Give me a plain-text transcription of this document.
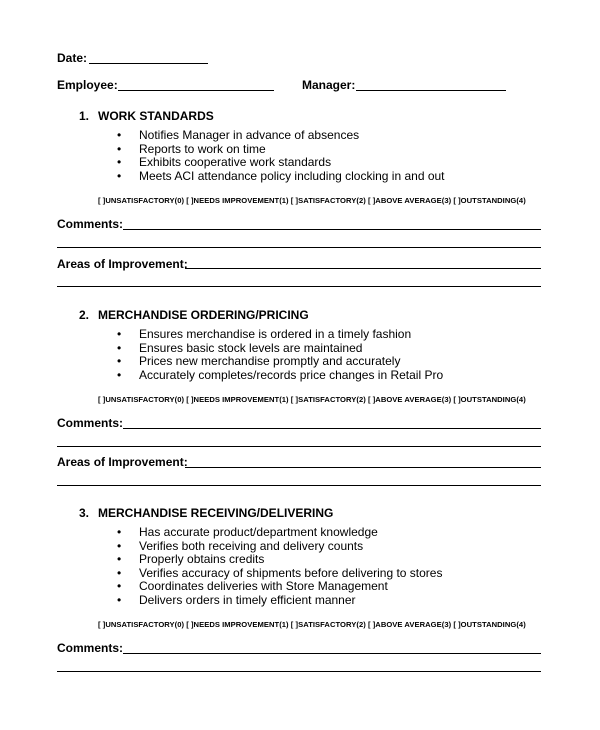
Date:
Employee:	Manager:
1. WORK STANDARDS
• Notifies Manager in advance of absences
• Reports to work on time
• Exhibits cooperative work standards
• Meets ACI attendance policy including clocking in and out
[ ]UNSATISFACTORY(0) [ ]NEEDS IMPROVEMENT(1) [ ]SATISFACTORY(2) [ ]ABOVE AVERAGE(3) [ ]OUTSTANDING(4)
Comments:
Areas of Improvement:
2. MERCHANDISE ORDERING/PRICING
• Ensures merchandise is ordered in a timely fashion
• Ensures basic stock levels are maintained
• Prices new merchandise promptly and accurately
• Accurately completes/records price changes in Retail Pro
[ ]UNSATISFACTORY(0) [ ]NEEDS IMPROVEMENT(1) [ ]SATISFACTORY(2) [ ]ABOVE AVERAGE(3) [ ]OUTSTANDING(4)
Comments:
Areas of Improvement:
3. MERCHANDISE RECEIVING/DELIVERING
• Has accurate product/department knowledge
• Verifies both receiving and delivery counts
• Properly obtains credits
• Verifies accuracy of shipments before delivering to stores
• Coordinates deliveries with Store Management
• Delivers orders in timely efficient manner
[ ]UNSATISFACTORY(0) [ ]NEEDS IMPROVEMENT(1) [ ]SATISFACTORY(2) [ ]ABOVE AVERAGE(3) [ ]OUTSTANDING(4)
Comments:
